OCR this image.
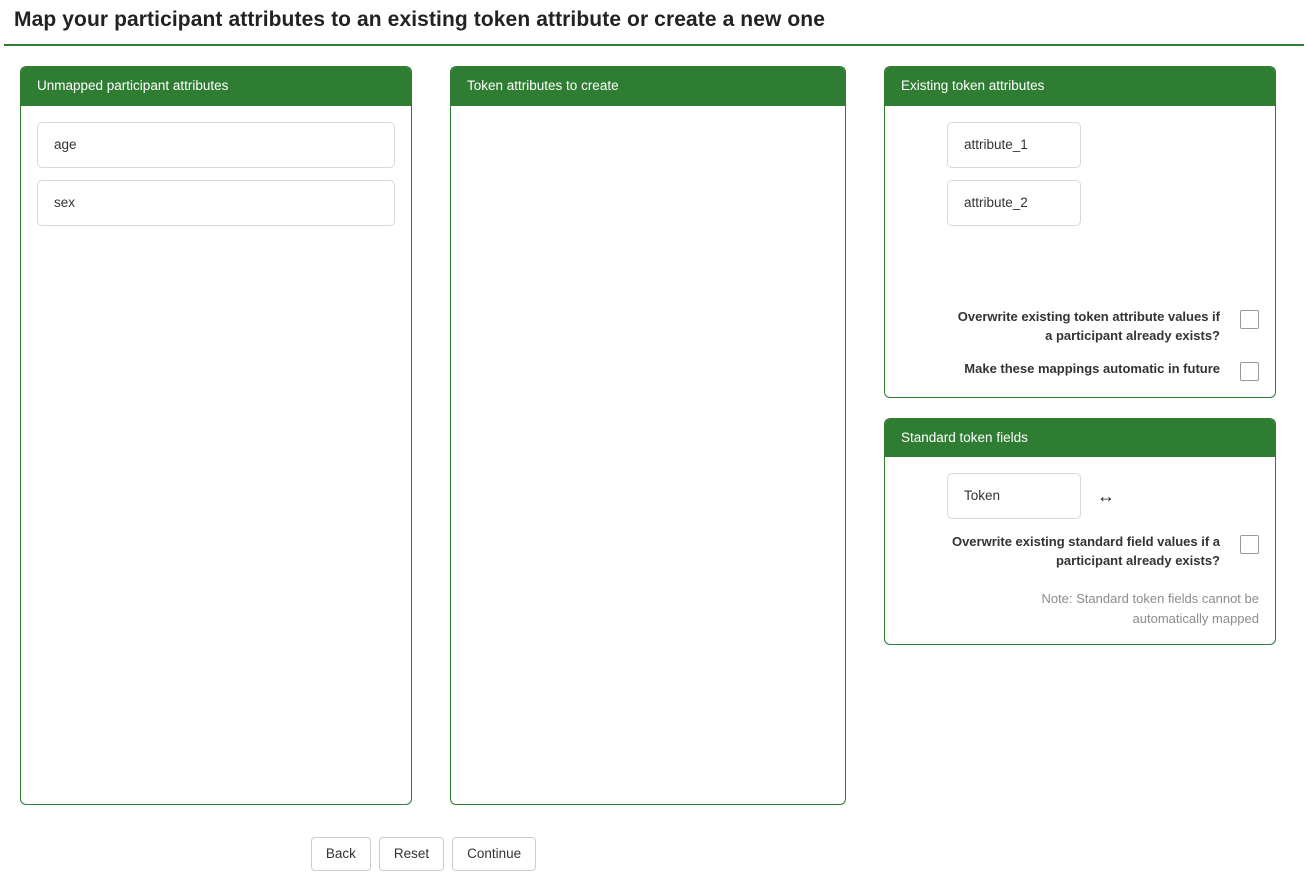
Map your participant attributes to an existing token attribute or create a new one
Unmapped participant attributes
age
sex
Token attributes to create	Existing token attributes
attribute_1
attribute_2
Overwrite existing token attribute values if a participant already exists?
Make these mappings automatic in future
Standard token fields
Token	↔
Overwrite existing standard field values if a participant already exists?
Note: Standard token fields cannot be automatically mapped
Back	Reset	Continue
